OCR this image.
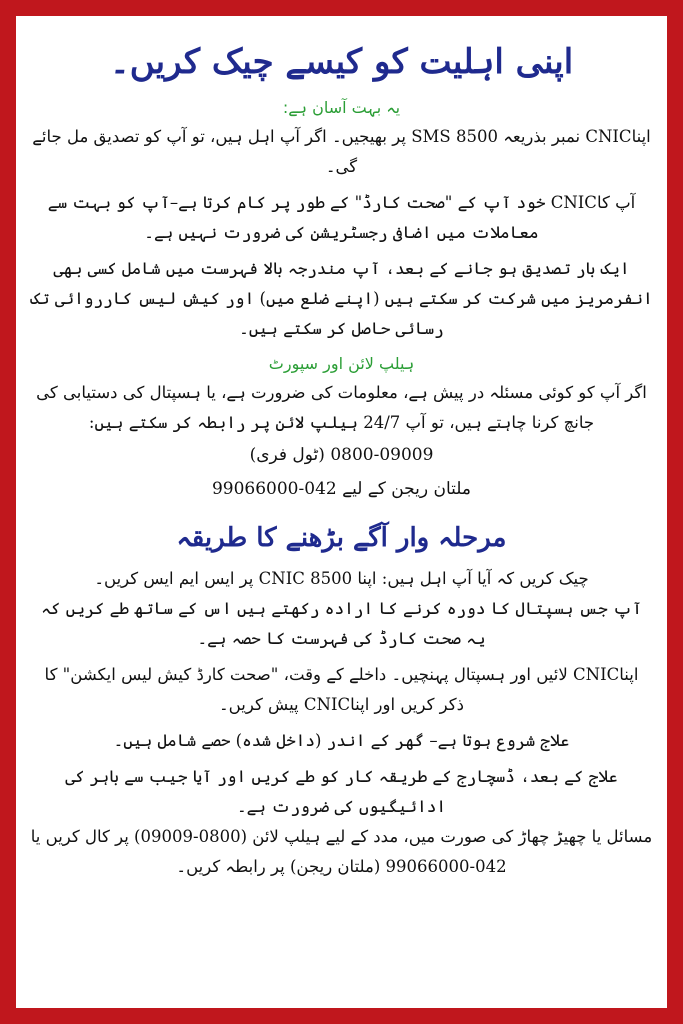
اپنی اہلیت کو کیسے چیک کریں۔
یہ بہت آسان ہے:

اپناCNIC نمبر بذریعہ SMS 8500 پر بھیجیں۔ اگر آپ اہل ہیں، تو آپ کو تصدیق مل جائے گی۔

آپ کاCNIC خود آپ کے "صحت کارڈ" کے طور پر کام کرتا ہے–آپ کو بہت سے معاملات میں اضافی رجسٹریشن کی ضرورت نہیں ہے۔

ایک بار تصدیق ہو جانے کے بعد، آپ مندرجہ بالا فہرست میں شامل کسی بھی انفرمریز میں شرکت کر سکتے ہیں (اپنے ضلع میں) اور کیش لیس کارروائی تک رسائی حاصل کر سکتے ہیں۔

ہیلپ لائن اور سپورٹ

اگر آپ کو کوئی مسئلہ در پیش ہے، معلومات کی ضرورت ہے، یا ہسپتال کی دستیابی کی جانچ کرنا چاہتے ہیں، تو آپ 24/7 ہیلپ لائن پر رابطہ کر سکتے ہیں:

0800-09009 (ٹول فری)

ملتان ریجن کے لیے 042-99066000

مرحلہ وار آگے بڑھنے کا طریقہ

چیک کریں کہ آیا آپ اہل ہیں: اپنا CNIC 8500 پر ایس ایم ایس کریں۔

آپ جس ہسپتال کا دورہ کرنے کا ارادہ رکھتے ہیں اس کے ساتھ طے کریں کہ یہ صحت کارڈ کی فہرست کا حصہ ہے۔

اپناCNIC لائیں اور ہسپتال پہنچیں۔ داخلے کے وقت، "صحت کارڈ کیش لیس ایکشن" کا ذکر کریں اور اپناCNIC پیش کریں۔

علاج شروع ہوتا ہے– گھر کے اندر (داخل شدہ) حصے شامل ہیں۔

علاج کے بعد، ڈسچارج کے طریقہ کار کو طے کریں اور آیا جیب سے باہر کی ادائیگیوں کی ضرورت ہے۔

مسائل یا چھیڑ چھاڑ کی صورت میں، مدد کے لیے ہیلپ لائن (0800-09009) پر کال کریں یا 042-99066000 (ملتان ریجن) پر رابطہ کریں۔
